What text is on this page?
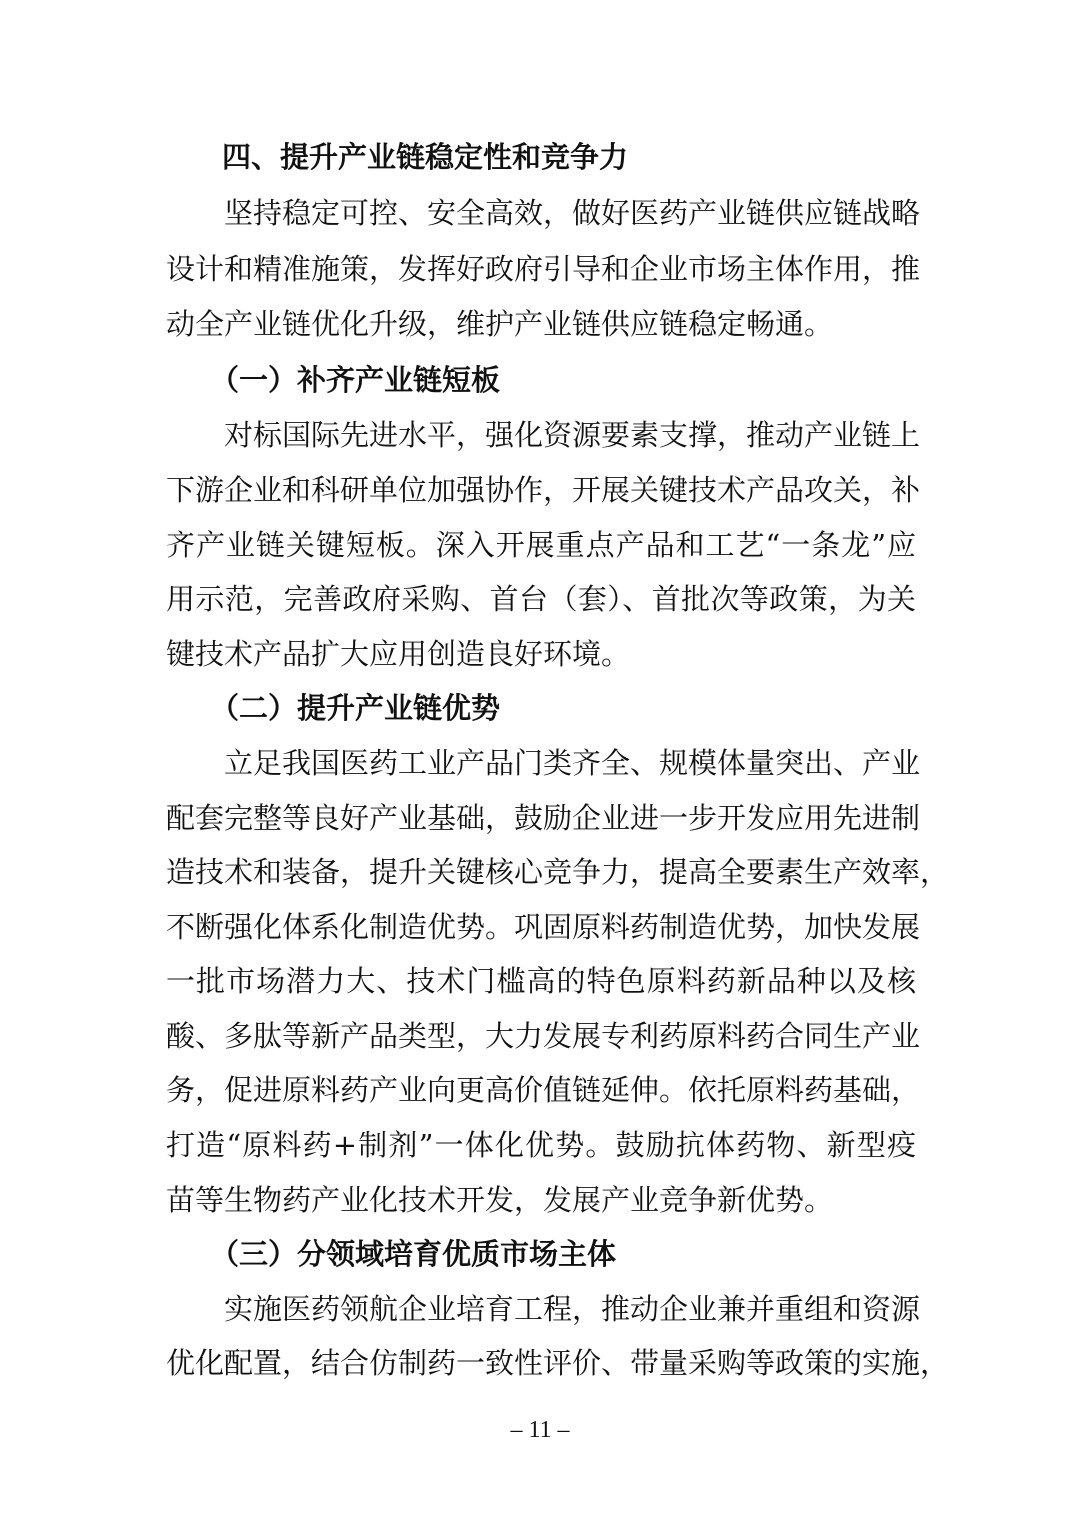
四、提升产业链稳定性和竞争力
坚持稳定可控、安全高效，做好医药产业链供应链战略
设计和精准施策，发挥好政府引导和企业市场主体作用，推
动全产业链优化升级，维护产业链供应链稳定畅通。
（一）补齐产业链短板
对标国际先进水平，强化资源要素支撑，推动产业链上
下游企业和科研单位加强协作，开展关键技术产品攻关，补
齐产业链关键短板。深入开展重点产品和工艺“一条龙”应
用示范，完善政府采购、首台（套）、首批次等政策，为关
键技术产品扩大应用创造良好环境。
（二）提升产业链优势
立足我国医药工业产品门类齐全、规模体量突出、产业
配套完整等良好产业基础，鼓励企业进一步开发应用先进制
造技术和装备，提升关键核心竞争力，提高全要素生产效率，
不断强化体系化制造优势。巩固原料药制造优势，加快发展
一批市场潜力大、技术门槛高的特色原料药新品种以及核
酸、多肽等新产品类型，大力发展专利药原料药合同生产业
务，促进原料药产业向更高价值链延伸。依托原料药基础，
打造“原料药+制剂”一体化优势。鼓励抗体药物、新型疫
苗等生物药产业化技术开发，发展产业竞争新优势。
（三）分领域培育优质市场主体
实施医药领航企业培育工程，推动企业兼并重组和资源
优化配置，结合仿制药一致性评价、带量采购等政策的实施，
– 11 –
